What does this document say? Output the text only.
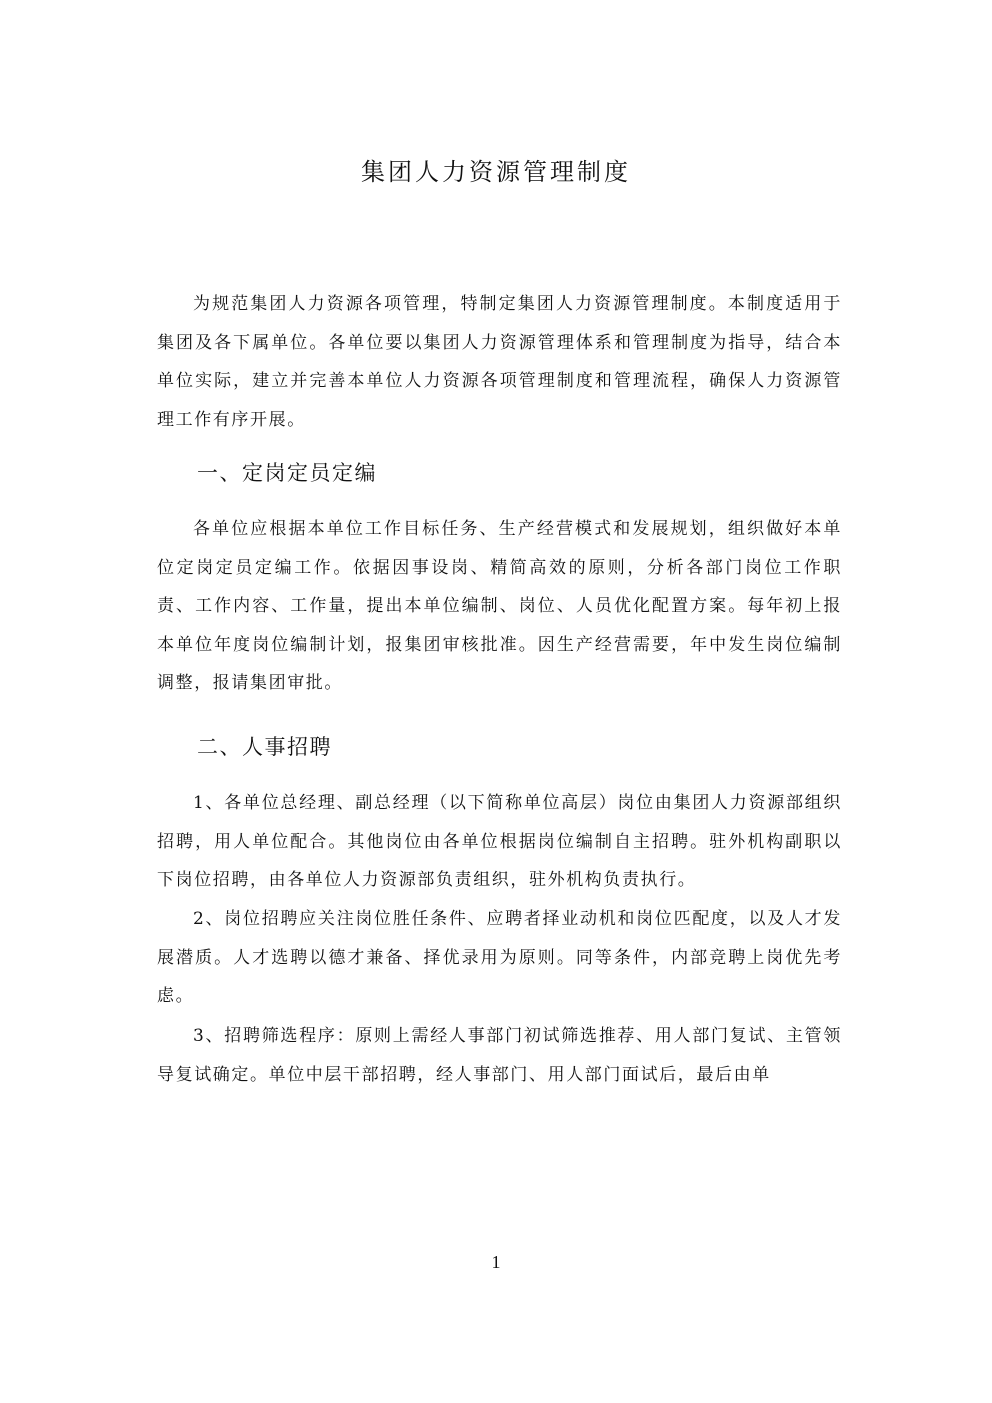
集团人力资源管理制度

为规范集团人力资源各项管理，特制定集团人力资源管理制度。本制度适用于集团及各下属单位。各单位要以集团人力资源管理体系和管理制度为指导，结合本单位实际，建立并完善本单位人力资源各项管理制度和管理流程，确保人力资源管理工作有序开展。

一、定岗定员定编

各单位应根据本单位工作目标任务、生产经营模式和发展规划，组织做好本单位定岗定员定编工作。依据因事设岗、精简高效的原则，分析各部门岗位工作职责、工作内容、工作量，提出本单位编制、岗位、人员优化配置方案。每年初上报本单位年度岗位编制计划，报集团审核批准。因生产经营需要，年中发生岗位编制调整，报请集团审批。

二、人事招聘

1、各单位总经理、副总经理（以下简称单位高层）岗位由集团人力资源部组织招聘，用人单位配合。其他岗位由各单位根据岗位编制自主招聘。驻外机构副职以下岗位招聘，由各单位人力资源部负责组织，驻外机构负责执行。

2、岗位招聘应关注岗位胜任条件、应聘者择业动机和岗位匹配度，以及人才发展潜质。人才选聘以德才兼备、择优录用为原则。同等条件，内部竞聘上岗优先考虑。

3、招聘筛选程序：原则上需经人事部门初试筛选推荐、用人部门复试、主管领导复试确定。单位中层干部招聘，经人事部门、用人部门面试后，最后由单

1
